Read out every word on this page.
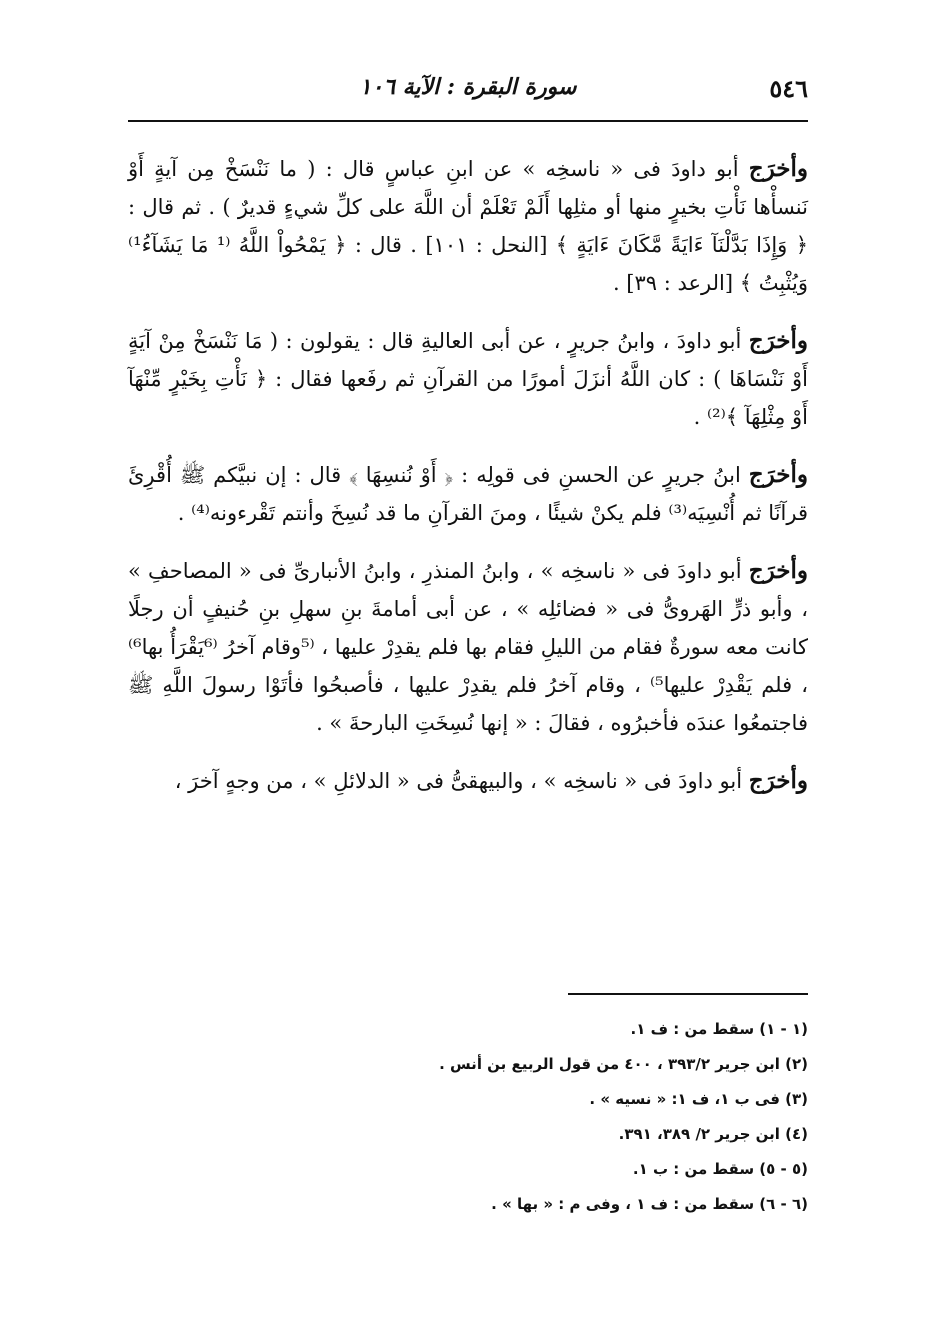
٥٤٦
سورة البقرة : الآية ١٠٦

وأخرَج أبو داودَ فى « ناسخِه » عن ابنِ عباسٍ قال : ( ما نَنْسَخْ مِن آيةٍ أَوْ نَنسأْها نَأْتِ بخيرٍ منها أو مثلِها أَلَمْ تَعْلَمْ أن اللَّهَ على كلِّ شيءٍ قديرٌ ) . ثم قال : ﴿ وَإِذَا بَدَّلْنَآ ءَايَةً مَّكَانَ ءَايَةٍ ﴾ [النحل : ١٠١] . قال : ﴿ يَمْحُواْ اللَّهُ ⁽¹ مَا يَشَآءُ¹⁾ وَيُثْبِتُ ﴾ [الرعد : ٣٩] .

وأخرَج أبو داودَ ، وابنُ جريرٍ ، عن أبى العاليةِ قال : يقولون : ( مَا نَنْسَخْ مِنْ آيَةٍ أَوْ نَنْسَاهَا ) : كان اللَّهُ أنزَلَ أمورًا من القرآنِ ثم رفَعها فقال : ﴿ نَأْتِ بِخَيْرٍ مِّنْهَآ أَوْ مِثْلِهَآ ﴾⁽²⁾ .

وأخرَج ابنُ جريرٍ عن الحسنِ فى قولِه : ﴿ أَوْ نُنسِهَا ﴾ قال : إن نبيَّكم ﷺ أُقْرِئَ قرآنًا ثم أُنْسِيَه⁽³⁾ فلم يكنْ شيئًا ، ومنَ القرآنِ ما قد نُسِخَ وأنتم تَقْرءونه⁽⁴⁾ .

وأخرَج أبو داودَ فى « ناسخِه » ، وابنُ المنذرِ ، وابنُ الأنبارىِّ فى « المصاحفِ » ، وأبو ذرٍّ الهَروىُّ فى « فضائلِه » ، عن أبى أمامةَ بنِ سهلِ بنِ حُنيفٍ أن رجلًا كانت معه سورةٌ فقام من الليلِ فقام بها فلم يقدِرْ عليها ، ⁽⁵وقام آخرُ ⁽⁶يَقْرَأُ بها⁶⁾ ، فلم يَقْدِرْ عليها⁵⁾ ، وقام آخرُ فلم يقدِرْ عليها ، فأصبحُوا فأتَوْا رسولَ اللَّهِ ﷺ فاجتمعُوا عندَه فأخبرُوه ، فقالَ : « إنها نُسِخَتِ البارحةَ » .

وأخرَج أبو داودَ فى « ناسخِه » ، والبيهقىُّ فى « الدلائلِ » ، من وجهٍ آخرَ ،

(١ - ١) سقط من : ف ١.
(٢) ابن جرير ٣٩٣/٢ ، ٤٠٠ من قول الربيع بن أنس .
(٣) فى ب ١، ف ١: « نسيه » .
(٤) ابن جرير ٢/ ٣٨٩، ٣٩١.
(٥ - ٥) سقط من : ب ١.
(٦ - ٦) سقط من : ف ١ ، وفى م : « بها » .
